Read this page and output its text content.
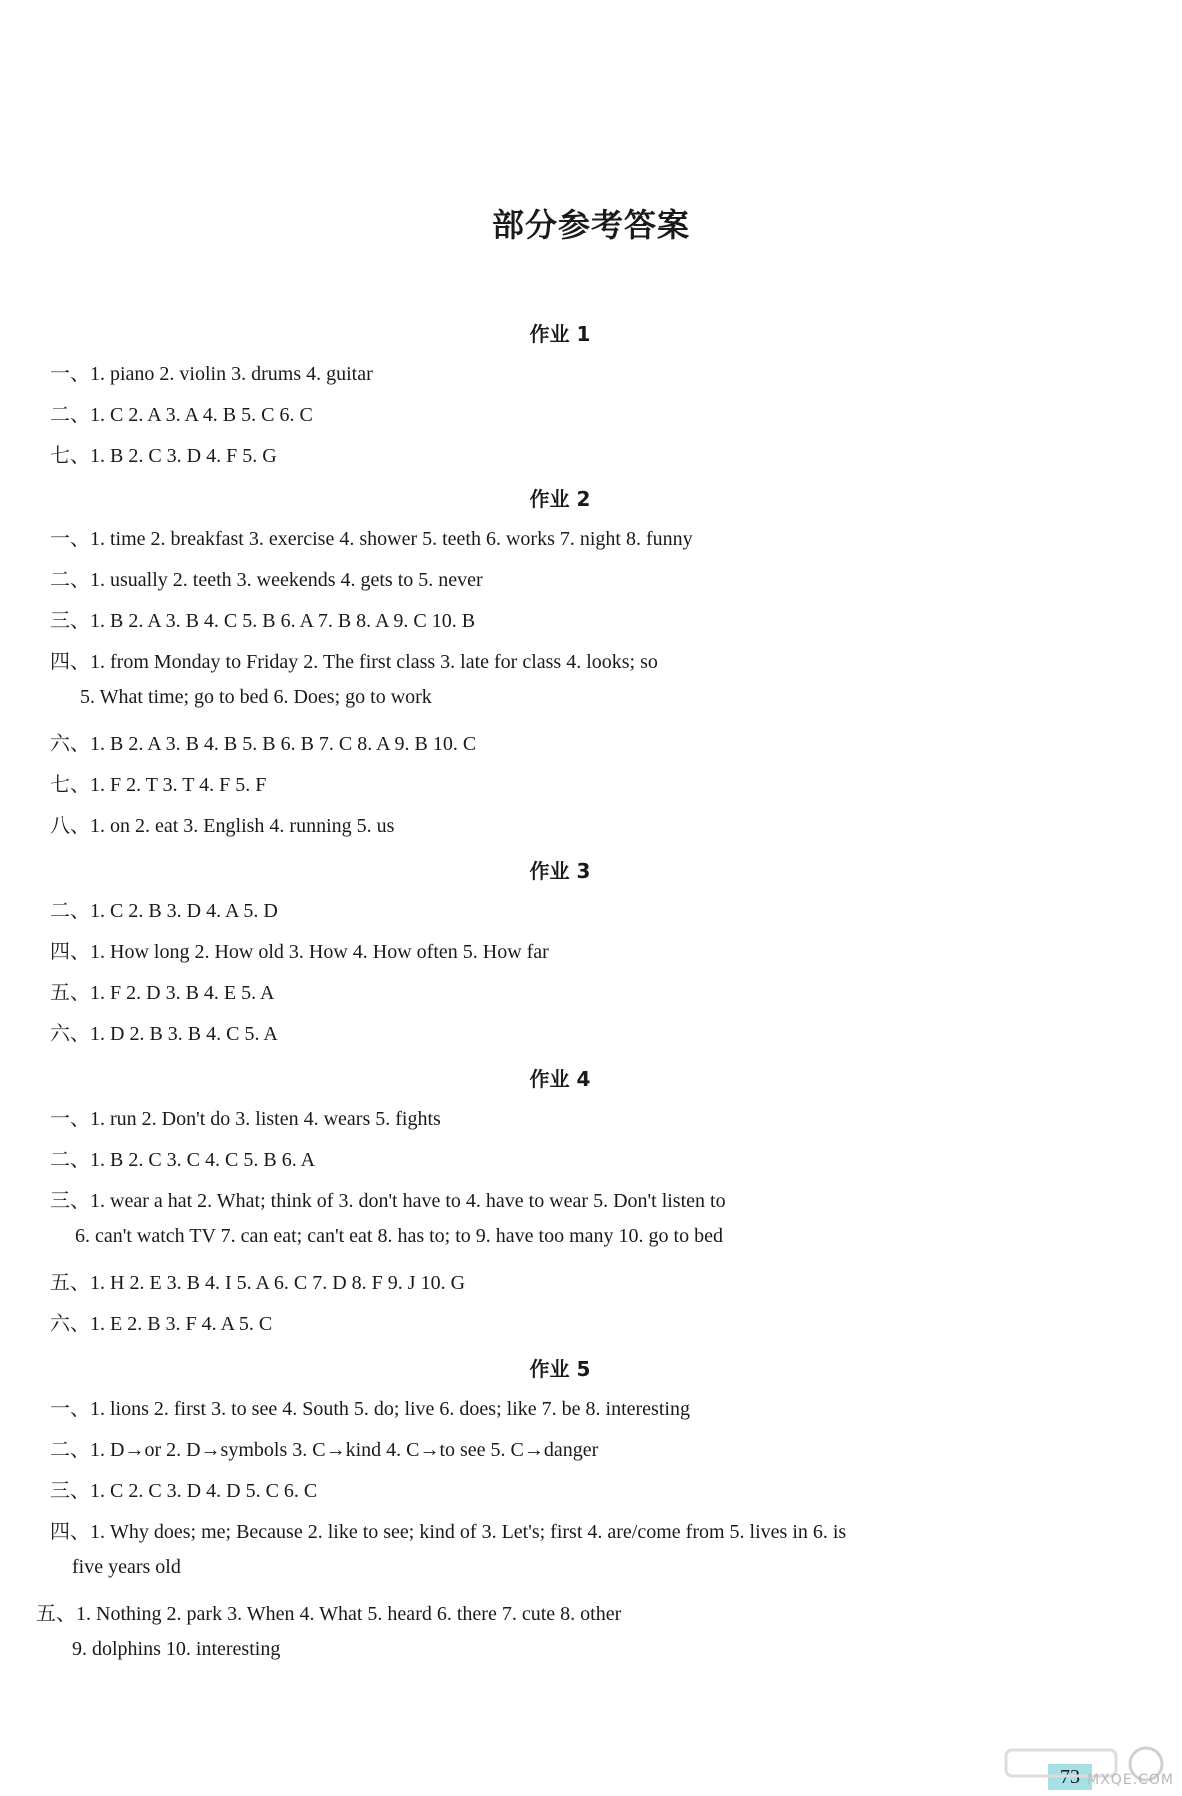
部分参考答案
作业 1
一、1. piano 2. violin 3. drums 4. guitar
二、1. C 2. A 3. A 4. B 5. C 6. C
七、1. B 2. C 3. D 4. F 5. G
作业 2
一、1. time 2. breakfast 3. exercise 4. shower 5. teeth 6. works 7. night 8. funny
二、1. usually 2. teeth 3. weekends 4. gets to 5. never
三、1. B 2. A 3. B 4. C 5. B 6. A 7. B 8. A 9. C 10. B
四、1. from Monday to Friday 2. The first class 3. late for class 4. looks; so
5. What time; go to bed 6. Does; go to work
六、1. B 2. A 3. B 4. B 5. B 6. B 7. C 8. A 9. B 10. C
七、1. F 2. T 3. T 4. F 5. F
八、1. on 2. eat 3. English 4. running 5. us
作业 3
二、1. C 2. B 3. D 4. A 5. D
四、1. How long 2. How old 3. How 4. How often 5. How far
五、1. F 2. D 3. B 4. E 5. A
六、1. D 2. B 3. B 4. C 5. A
作业 4
一、1. run 2. Don't do 3. listen 4. wears 5. fights
二、1. B 2. C 3. C 4. C 5. B 6. A
三、1. wear a hat 2. What; think of 3. don't have to 4. have to wear 5. Don't listen to
6. can't watch TV 7. can eat; can't eat 8. has to; to 9. have too many 10. go to bed
五、1. H 2. E 3. B 4. I 5. A 6. C 7. D 8. F 9. J 10. G
六、1. E 2. B 3. F 4. A 5. C
作业 5
一、1. lions 2. first 3. to see 4. South 5. do; live 6. does; like 7. be 8. interesting
二、1. D→or 2. D→symbols 3. C→kind 4. C→to see 5. C→danger
三、1. C 2. C 3. D 4. D 5. C 6. C
四、1. Why does; me; Because 2. like to see; kind of 3. Let's; first 4. are/come from 5. lives in 6. is
five years old
五、1. Nothing 2. park 3. When 4. What 5. heard 6. there 7. cute 8. other
9. dolphins 10. interesting
73 MXQE.COM
